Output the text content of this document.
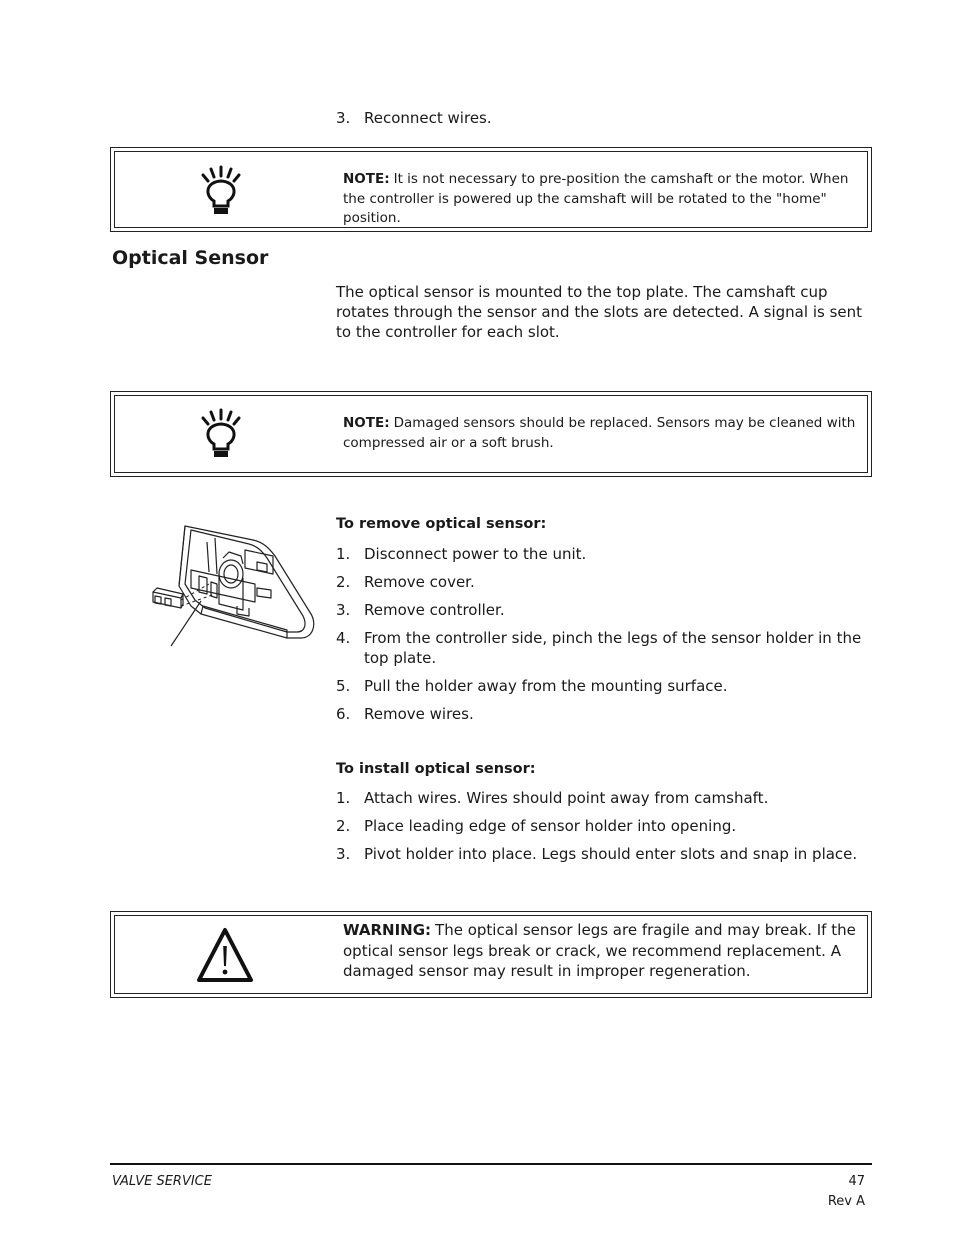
3. Reconnect wires.
NOTE: It is not necessary to pre-position the camshaft or the motor. When the controller is powered up the camshaft will be rotated to the "home" position.
Optical Sensor
The optical sensor is mounted to the top plate. The camshaft cup rotates through the sensor and the slots are detected. A signal is sent to the controller for each slot.
NOTE: Damaged sensors should be replaced. Sensors may be cleaned with compressed air or a soft brush.
To remove optical sensor:
1. Disconnect power to the unit.
2. Remove cover.
3. Remove controller.
4. From the controller side, pinch the legs of the sensor holder in the top plate.
5. Pull the holder away from the mounting surface.
6. Remove wires.
To install optical sensor:
1. Attach wires. Wires should point away from camshaft.
2. Place leading edge of sensor holder into opening.
3. Pivot holder into place. Legs should enter slots and snap in place.
WARNING: The optical sensor legs are fragile and may break. If the optical sensor legs break or crack, we recommend replacement. A damaged sensor may result in improper regeneration.
VALVE SERVICE	47
Rev A
